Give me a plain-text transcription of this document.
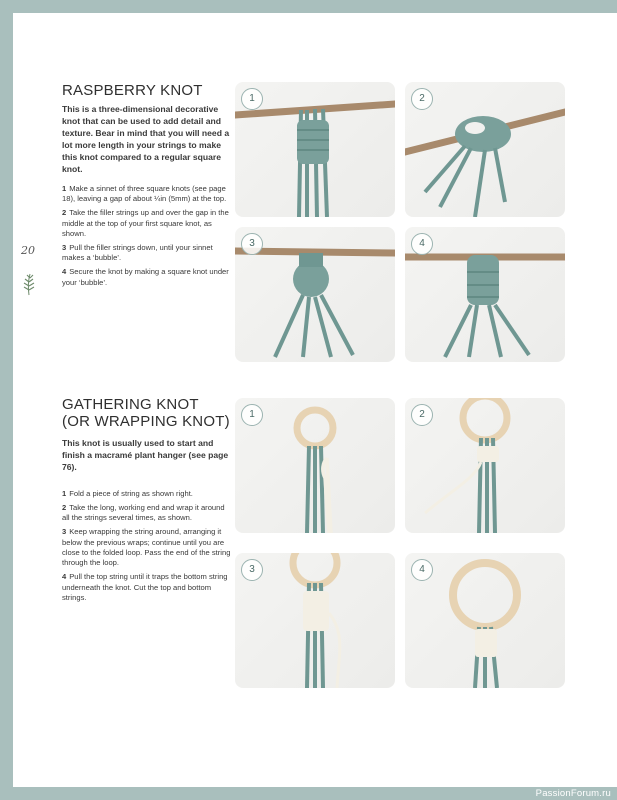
20
RASPBERRY KNOT

This is a three-dimensional decorative knot that can be used to add detail and texture. Bear in mind that you will need a lot more length in your strings to make this knot compared to a regular square knot.

1 Make a sinnet of three square knots (see page 18), leaving a gap of about ¼in (5mm) at the top.
2 Take the filler strings up and over the gap in the middle at the top of your first square knot, as shown.
3 Pull the filler strings down, until your sinnet makes a ‘bubble’.
4 Secure the knot by making a square knot under your ‘bubble’.
1	2
3	4
GATHERING KNOT
(OR WRAPPING KNOT)

This knot is usually used to start and finish a macramé plant hanger (see page 76).

1 Fold a piece of string as shown right.
2 Take the long, working end and wrap it around all the strings several times, as shown.
3 Keep wrapping the string around, arranging it below the previous wraps; continue until you are close to the folded loop. Pass the end of the string through the loop.
4 Pull the top string until it traps the bottom string underneath the knot. Cut the top and bottom strings.
1	2
3	4
PassionForum.ru
